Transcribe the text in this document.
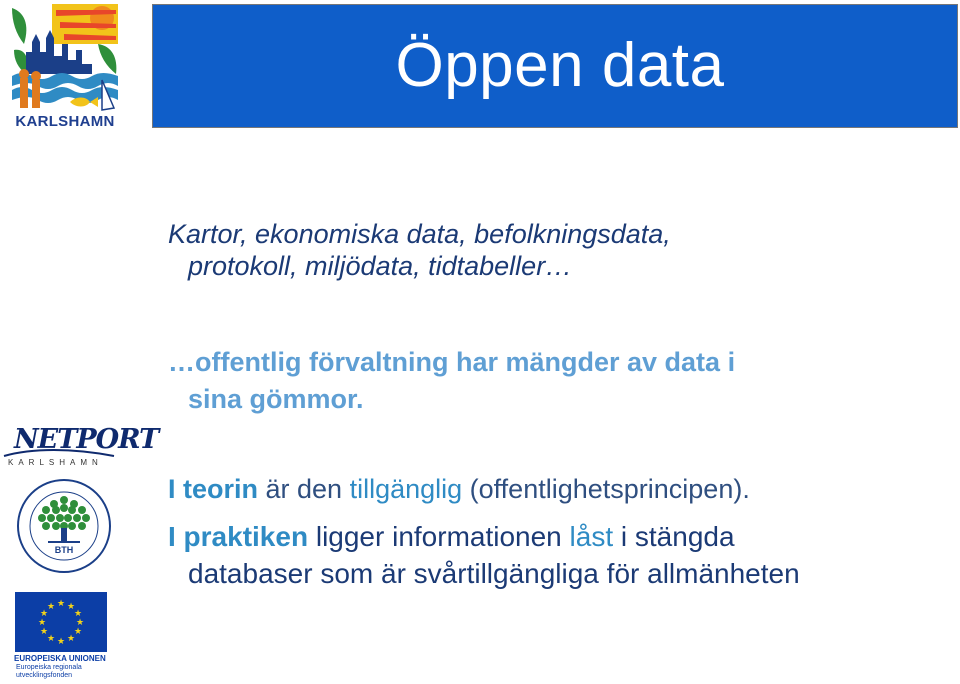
Öppen data
KARLSHAMN
NETPORT
KARLSHAMN
BTH
★ ★
★
★
★
★
★
★
★
★
★
★
EUROPEISKA UNIONEN
Europeiska regionala
utvecklingsfonden
Kartor, ekonomiska data, befolkningsdata,
protokoll, miljödata, tidtabeller…
…offentlig förvaltning har mängder av data i
sina gömmor.
I teorin är den tillgänglig (offentlighetsprincipen).
I praktiken ligger informationen låst i stängda
databaser som är svårtillgängliga för allmänheten
